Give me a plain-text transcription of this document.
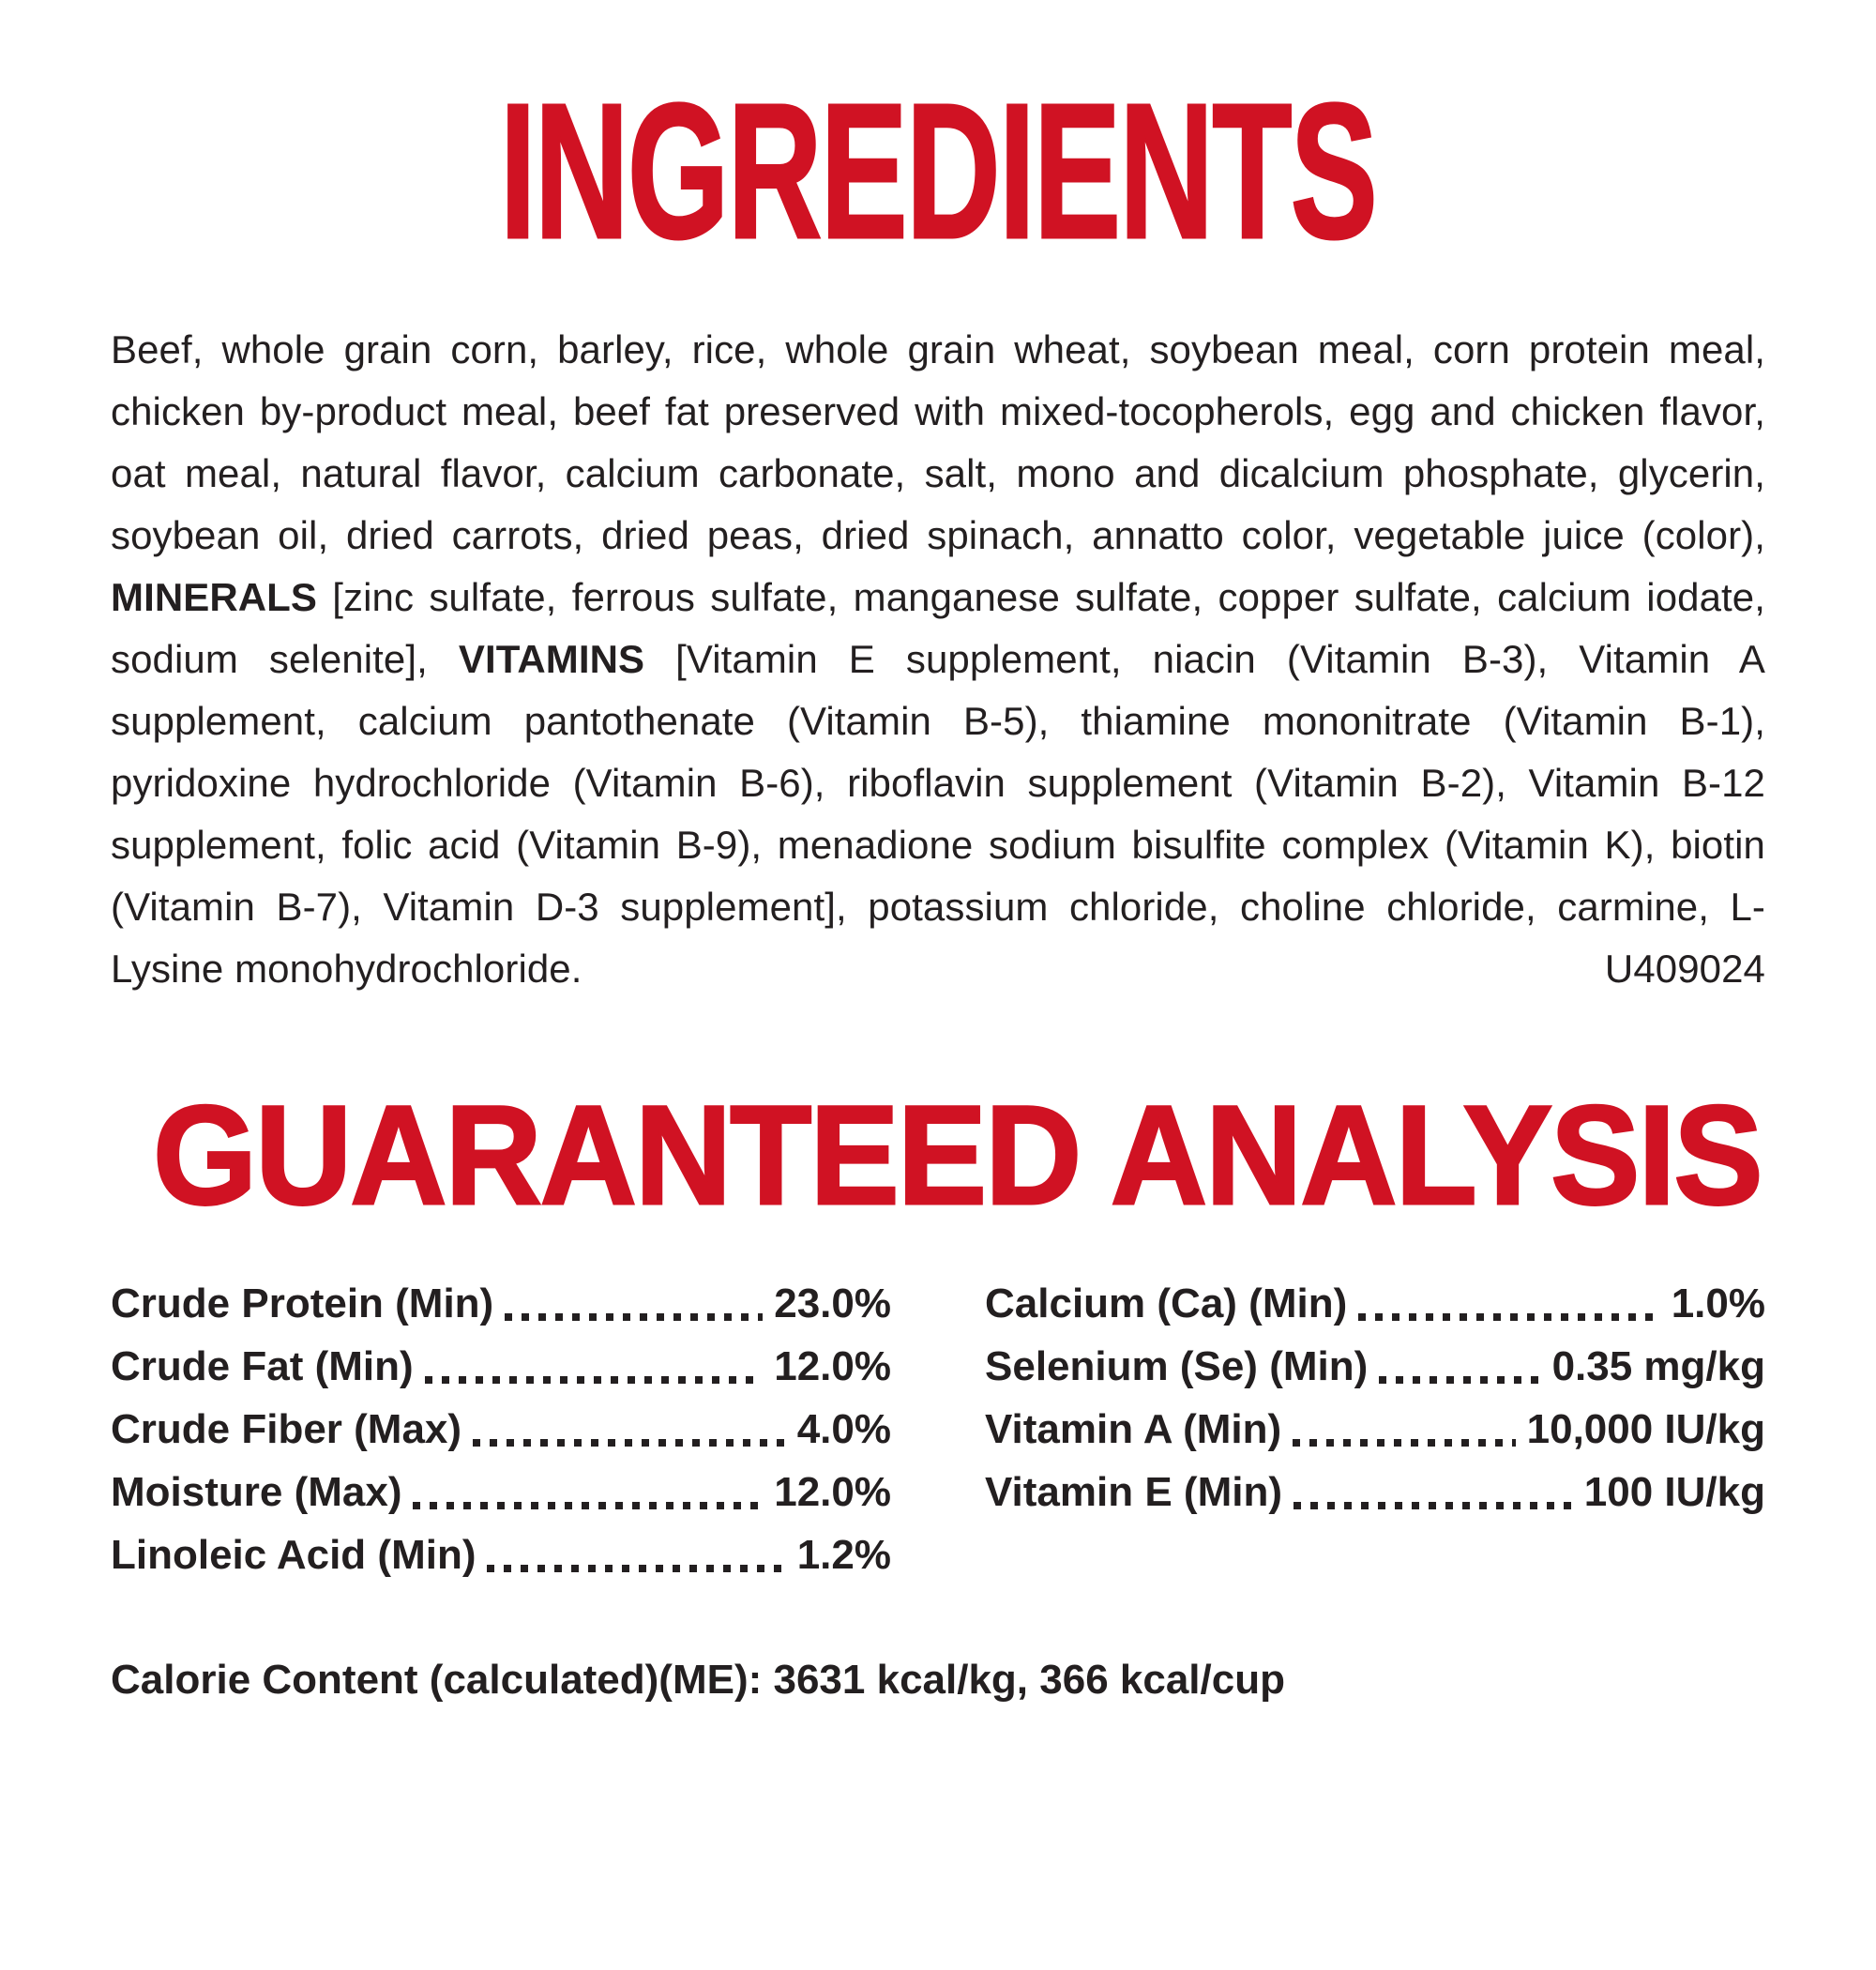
INGREDIENTS

Beef, whole grain corn, barley, rice, whole grain wheat, soybean meal, corn protein meal, chicken by-product meal, beef fat preserved with mixed-tocopherols, egg and chicken flavor, oat meal, natural flavor, calcium carbonate, salt, mono and dicalcium phosphate, glycerin, soybean oil, dried carrots, dried peas, dried spinach, annatto color, vegetable juice (color), MINERALS [zinc sulfate, ferrous sulfate, manganese sulfate, copper sulfate, calcium iodate, sodium selenite], VITAMINS [Vitamin E supplement, niacin (Vitamin B-3), Vitamin A supplement, calcium pantothenate (Vitamin B-5), thiamine mononitrate (Vitamin B-1), pyridoxine hydrochloride (Vitamin B-6), riboflavin supplement (Vitamin B-2), Vitamin B-12 supplement, folic acid (Vitamin B-9), menadione sodium bisulfite complex (Vitamin K), biotin (Vitamin B-7), Vitamin D-3 supplement], potassium chloride, choline chloride, carmine, L-Lysine monohydrochloride.	U409024

GUARANTEED ANALYSIS
Crude Protein (Min)	23.0%
Crude Fat (Min)	12.0%
Crude Fiber (Max)	4.0%
Moisture (Max)	12.0%
Linoleic Acid (Min)	1.2%
Calcium (Ca) (Min)	1.0%
Selenium (Se) (Min)	0.35 mg/kg
Vitamin A (Min)	10,000 IU/kg
Vitamin E (Min)	100 IU/kg
Calorie Content (calculated)(ME): 3631 kcal/kg, 366 kcal/cup
